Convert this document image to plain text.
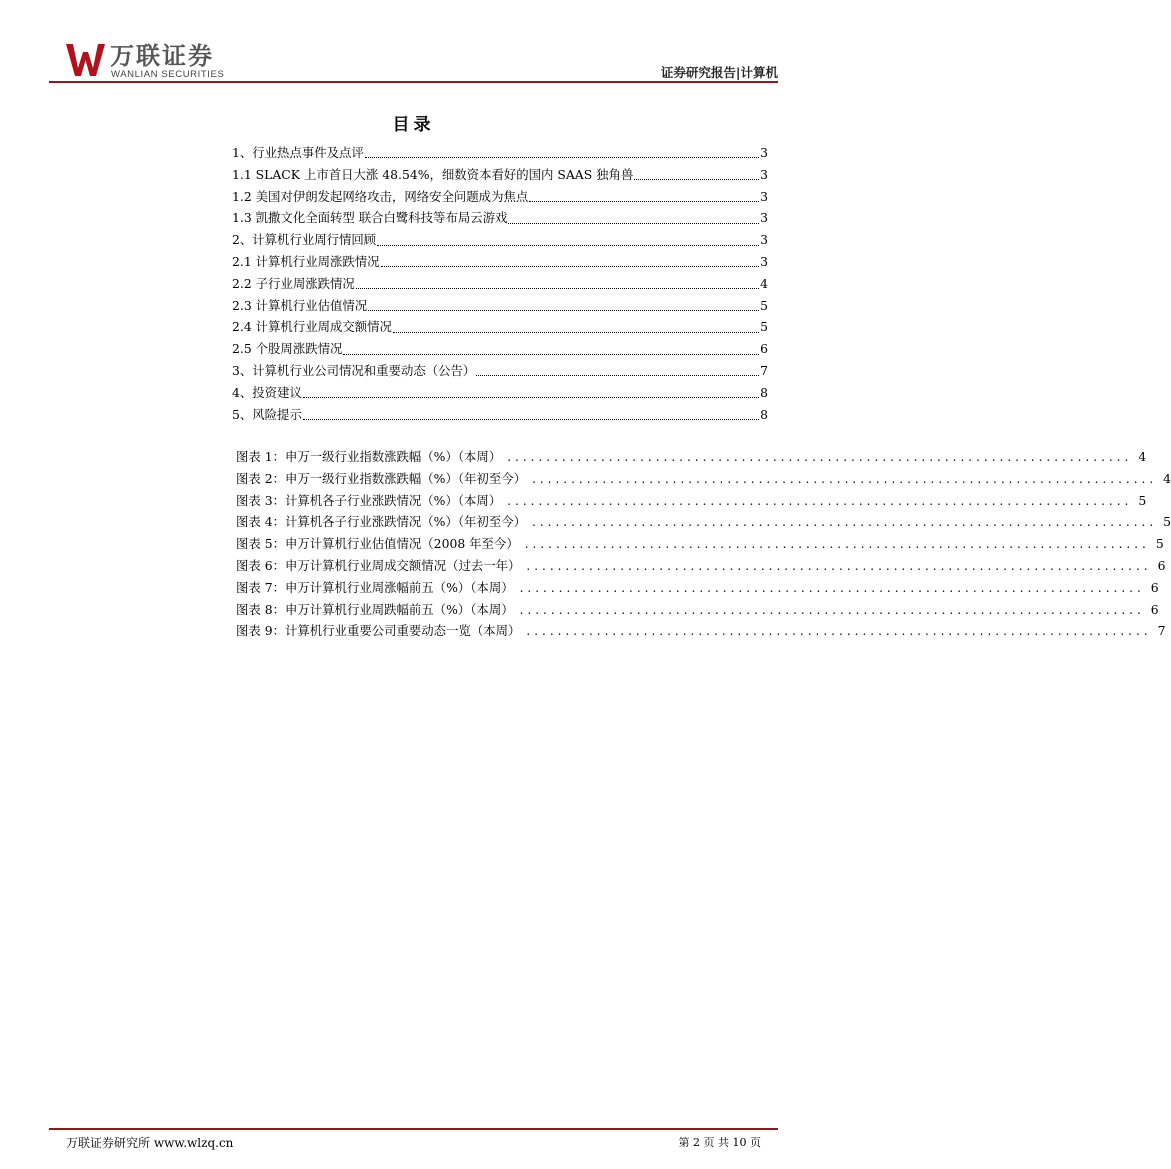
万联证券
WANLIAN SECURITIES	证券研究报告|计算机
目录
1、行业热点事件及点评	3
1.1 SLACK 上市首日大涨 48.54%，细数资本看好的国内 SAAS 独角兽	3
1.2 美国对伊朗发起网络攻击，网络安全问题成为焦点	3
1.3 凯撒文化全面转型 联合白鹭科技等布局云游戏	3
2、计算机行业周行情回顾	3
2.1 计算机行业周涨跌情况	3
2.2 子行业周涨跌情况	4
2.3 计算机行业估值情况	5
2.4 计算机行业周成交额情况	5
2.5 个股周涨跌情况	6
3、计算机行业公司情况和重要动态（公告）	7
4、投资建议	8
5、风险提示	8
图表 1：申万一级行业指数涨跌幅（%）（本周） ................................................................................ 4
图表 2：申万一级行业指数涨跌幅（%）（年初至今） ................................................................................ 4
图表 3：计算机各子行业涨跌情况（%）（本周） ................................................................................ 5
图表 4：计算机各子行业涨跌情况（%）（年初至今） ................................................................................ 5
图表 5：申万计算机行业估值情况（2008 年至今） ................................................................................ 5
图表 6：申万计算机行业周成交额情况（过去一年） ................................................................................ 6
图表 7：申万计算机行业周涨幅前五（%）（本周） ................................................................................ 6
图表 8：申万计算机行业周跌幅前五（%）（本周） ................................................................................ 6
图表 9：计算机行业重要公司重要动态一览（本周） ................................................................................ 7
万联证券研究所 www.wlzq.cn	第 2 页 共 10 页
